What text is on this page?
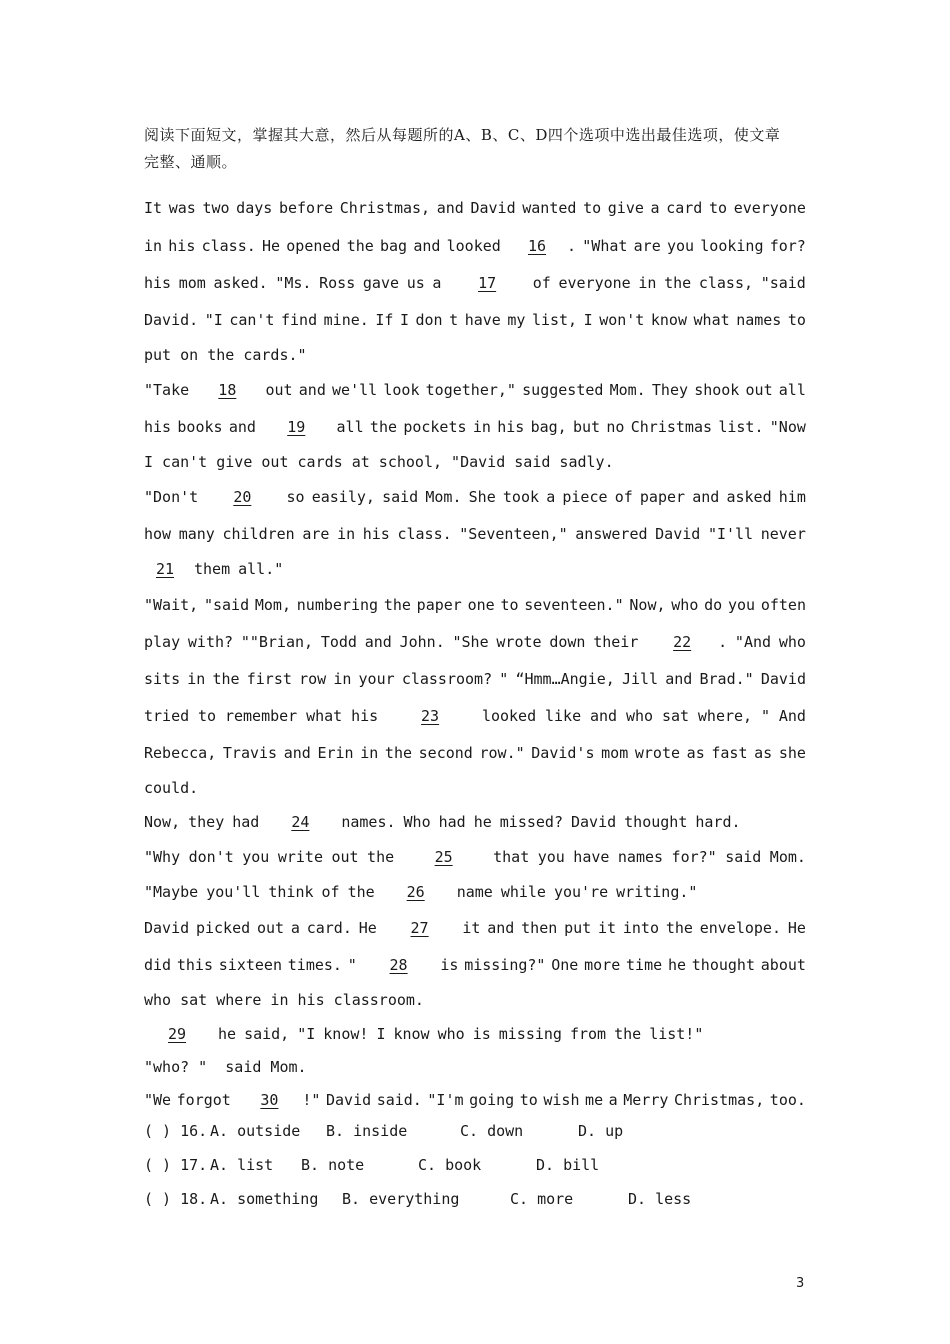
阅读下面短文，掌握其大意，然后从每题所的A、B、C、D四个选项中选出最佳选项，使文章
完整、通顺。
It was two days before Christmas, and David wanted to give a card to everyone
in his class. He opened the bag and looked	16 . "What are you looking for?
his mom asked. "Ms. Ross gave us a	17	of everyone in the class, "said
David. "I can't find mine. If I don t have my list, I won't know what names to
put on the cards."
"Take	18	out and we'll look together," suggested Mom. They shook out all
his books and	19	all the pockets in his bag, but no Christmas list. "Now
I can't give out cards at school, "David said sadly.
"Don't	20	so easily, said Mom. She took a piece of paper and asked him
how many children are in his class. "Seventeen," answered David "I'll never
21	them all."
"Wait, "said Mom, numbering the paper one to seventeen." Now, who do you often
play with? ""Brian, Todd and John. "She wrote down their	22 . "And who
sits in the first row in your classroom? " “Hmm…Angie, Jill and Brad." David
tried to remember what his	23	looked like and who sat where, " And
Rebecca, Travis and Erin in the second row." David's mom wrote as fast as she
could.
Now, they had	24	names. Who had he missed? David thought hard.
"Why don't you write out the	25	that you have names for?" said Mom.
"Maybe you'll think of the	26	name while you're writing."
David picked out a card. He	27	it and then put it into the envelope. He
did this sixteen times. "	28	is missing?" One more time he thought about
who sat where in his classroom.
29	he said, "I know! I know who is missing from the list!"
"who? "  said Mom.
"We forgot	30 !" David said. "I'm going to wish me a Merry Christmas, too.
( ) 16. A. outside B. inside	C. down	D. up
( ) 17. A. list B. note	C. book	D. bill
( ) 18. A. something B. everything	C. more	D. less
3
